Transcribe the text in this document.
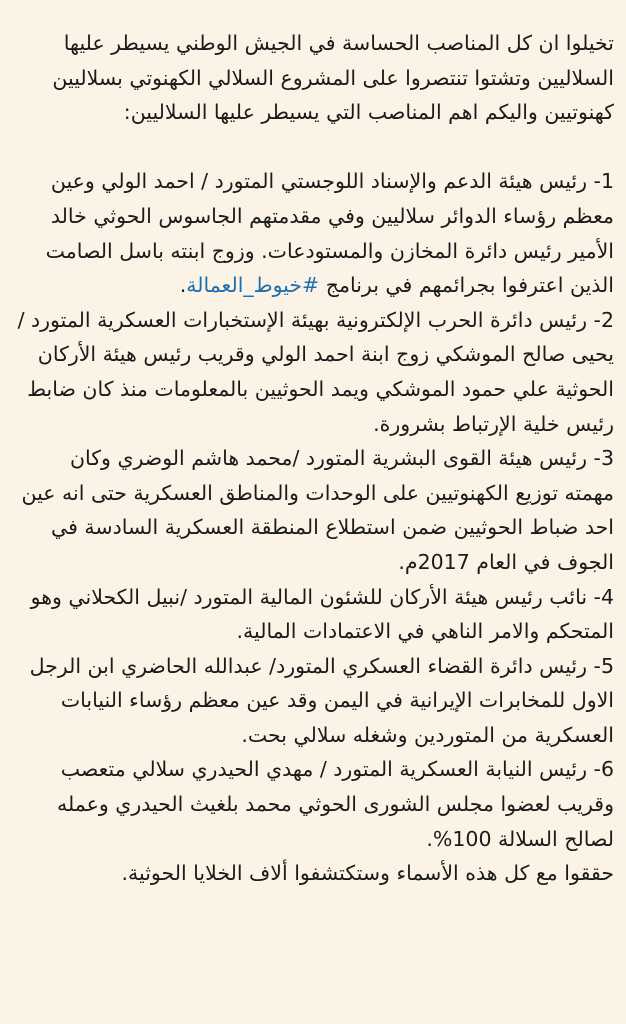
تخيلوا ان كل المناصب الحساسة في الجيش الوطني يسيطر عليها السلاليين وتشتوا تنتصروا على المشروع السلالي الكهنوتي بسلاليين كهنوتيين واليكم اهم المناصب التي يسيطر عليها السلاليين:

1- رئيس هيئة الدعم والإسناد اللوجستي المتورد / احمد الولي وعين معظم رؤساء الدوائر سلاليين وفي مقدمتهم الجاسوس الحوثي خالد الأمير رئيس دائرة المخازن والمستودعات. وزوج ابنته باسل الصامت الذين اعترفوا بجرائمهم في برنامج #خيوط_العمالة.

2- رئيس دائرة الحرب الإلكترونية بهيئة الإستخبارات العسكرية المتورد / يحيى صالح الموشكي زوج ابنة احمد الولي وقريب رئيس هيئة الأركان الحوثية علي حمود الموشكي ويمد الحوثيين بالمعلومات منذ كان ضابط رئيس خلية الإرتباط بشرورة.

3- رئيس هيئة القوى البشرية المتورد /محمد هاشم الوضري وكان مهمته توزيع الكهنوتيين على الوحدات والمناطق العسكرية حتى انه عين احد ضباط الحوثيين ضمن استطلاع المنطقة العسكرية السادسة في الجوف في العام 2017م.

4- نائب رئيس هيئة الأركان للشئون المالية المتورد /نبيل الكحلاني وهو المتحكم والامر الناهي في الاعتمادات المالية.

5- رئيس دائرة القضاء العسكري المتورد/ عبدالله الحاضري ابن الرجل الاول للمخابرات الإيرانية في اليمن وقد عين معظم رؤساء النيابات العسكرية من المتوردين وشغله سلالي بحت.

6- رئيس النيابة العسكرية المتورد / مهدي الحيدري سلالي متعصب وقريب لعضوا مجلس الشورى الحوثي محمد بلغيث الحيدري وعمله لصالح السلالة 100%.

حققوا مع كل هذه الأسماء وستكتشفوا ألاف الخلايا الحوثية.
